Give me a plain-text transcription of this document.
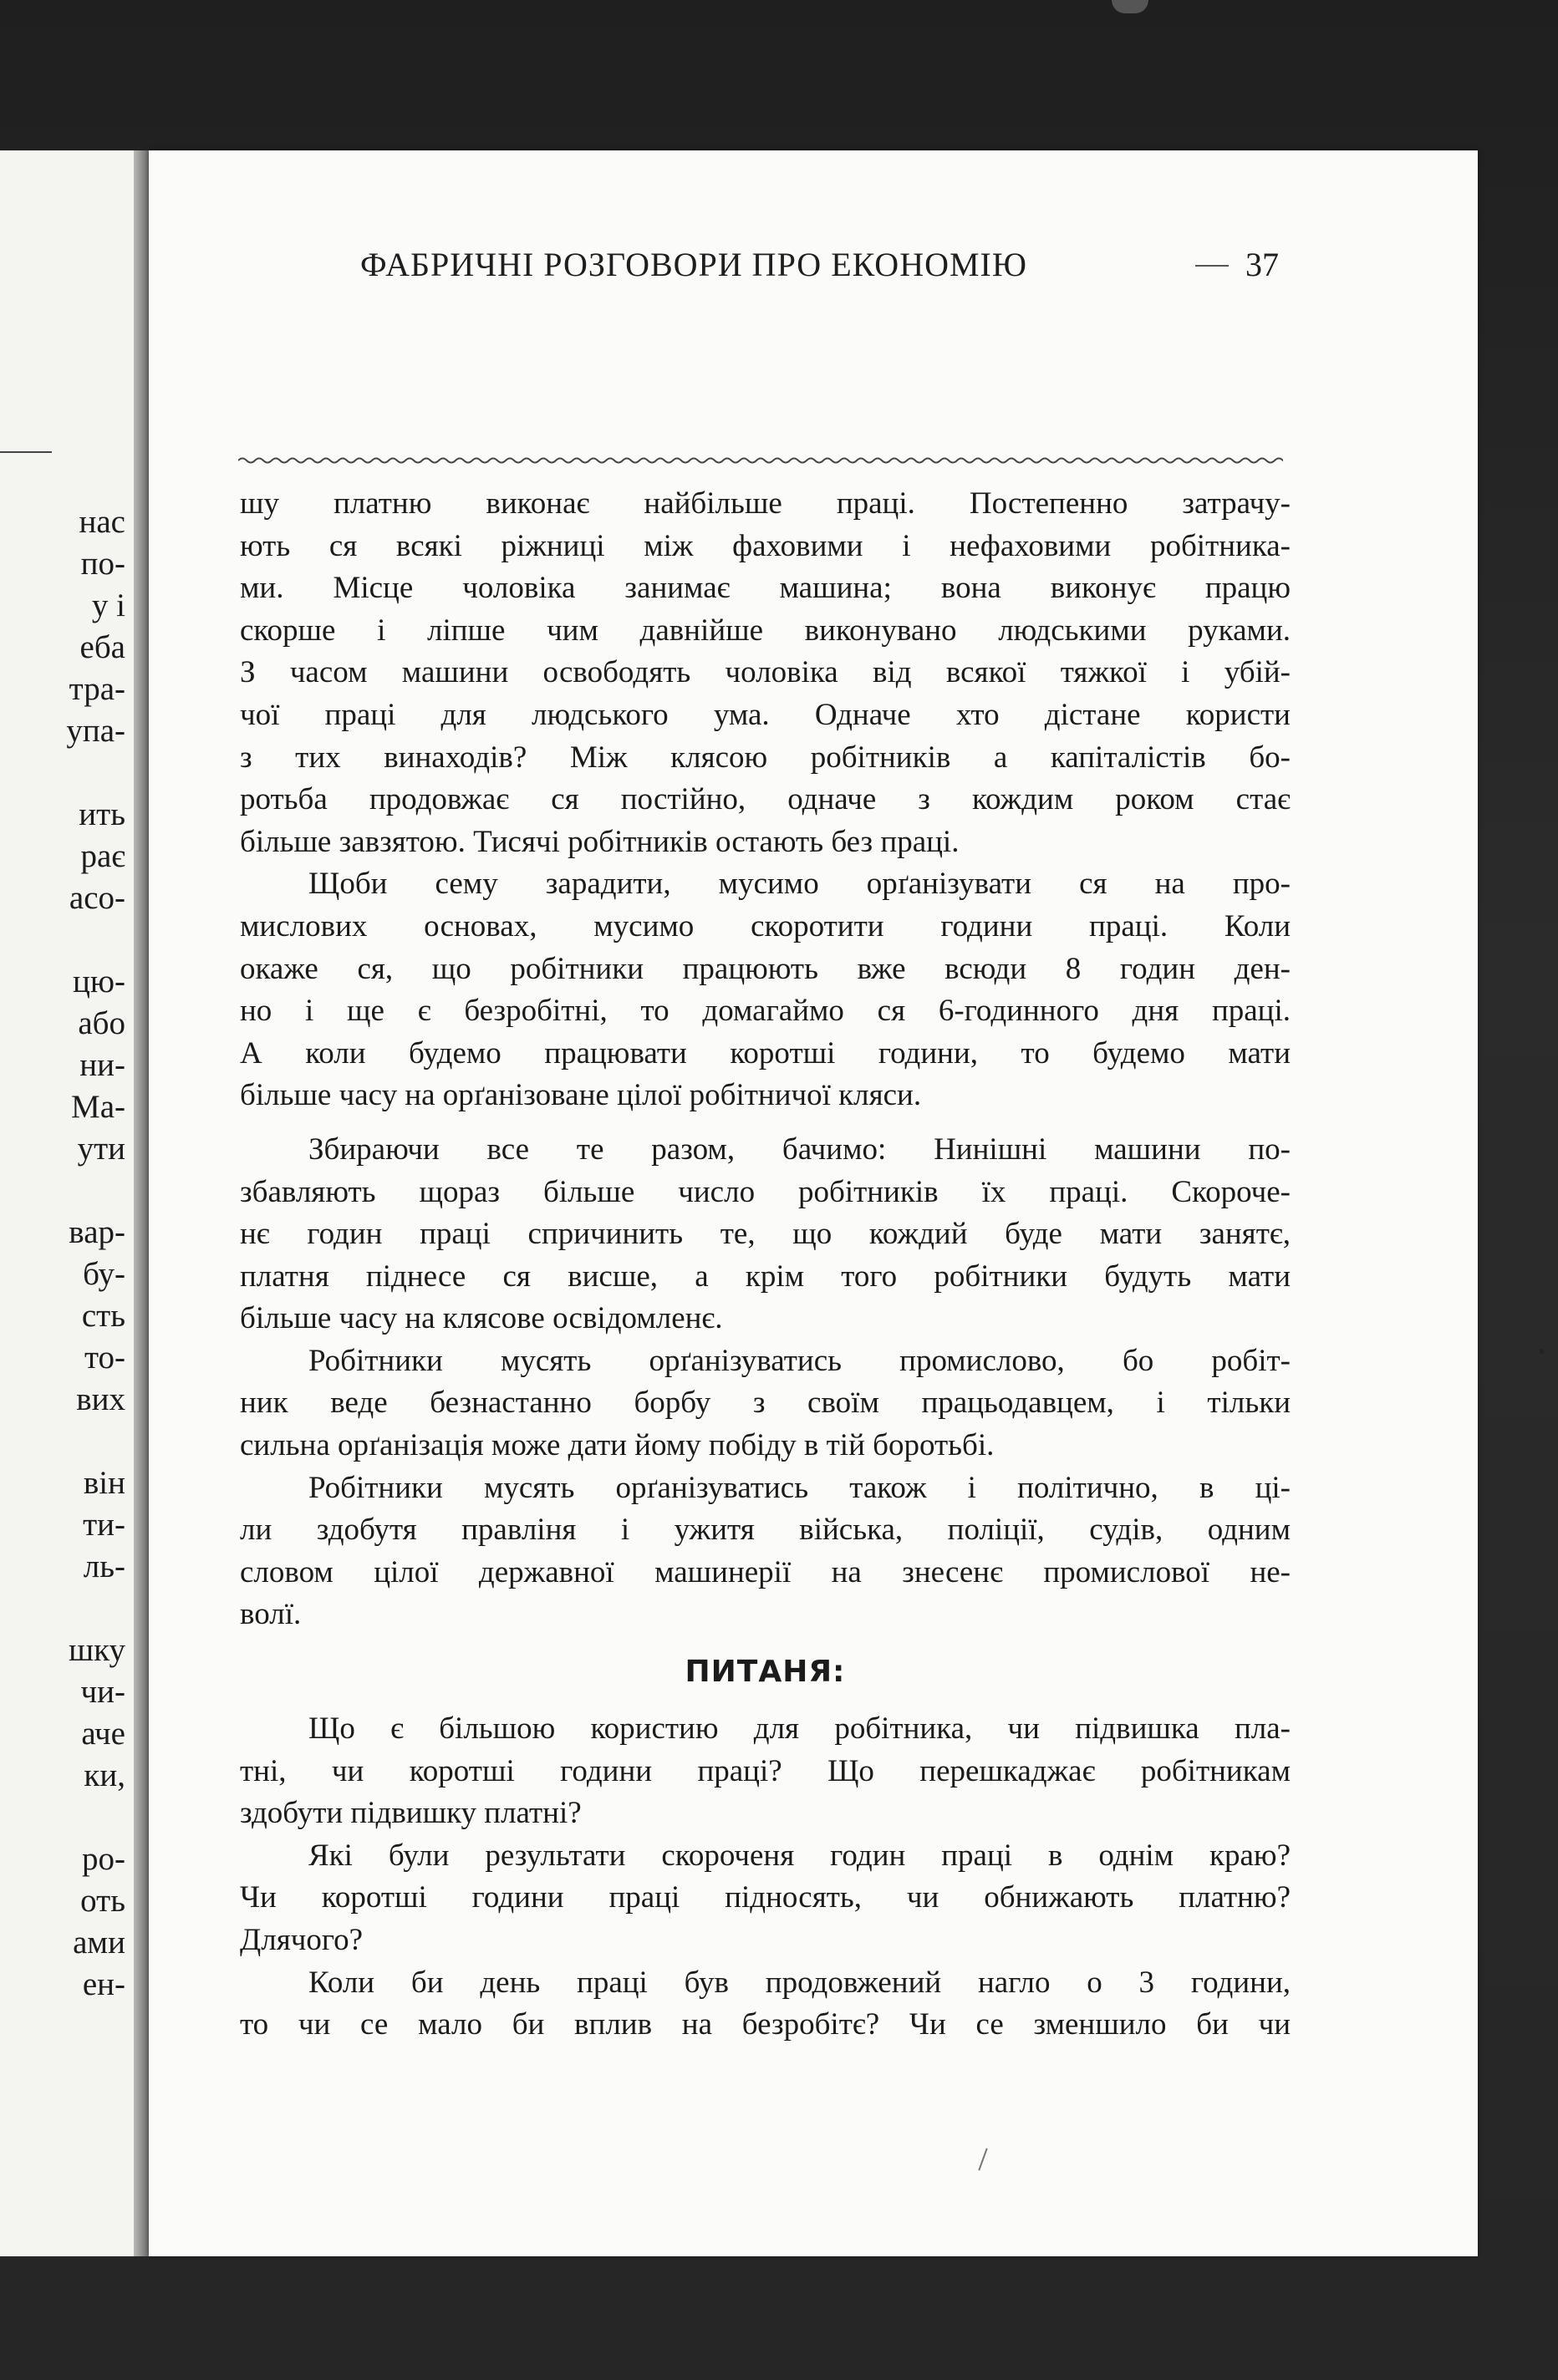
нас
по-
у і
еба
тра-
упа-
ить
рає
асо-
цю-
або
ни-
Ма-
ути
вар-
бу-
сть
то-
вих
він
ти-
ль-
шку
чи-
аче
ки,
ро-
оть
ами
ен-
ФАБРИЧНІ РОЗГОВОРИ ПРО ЕКОНОМІЮ	37
шу платню виконає найбільше праці. Постепенно затрачу-
ють ся всякі ріжниці між фаховими і нефаховими робітника-
ми. Місце чоловіка занимає машина; вона виконує працю
скорше і ліпше чим давнійше виконувано людськими руками.
З часом машини освободять чоловіка від всякої тяжкої і убій-
чої праці для людського ума. Одначе хто дістане користи
з тих винаходів? Між клясою робітників а капіталістів бо-
ротьба продовжає ся постійно, одначе з кождим роком стає
більше завзятою. Тисячі робітників остають без праці.
Щоби сему зарадити, мусимо орґанізувати ся на про-
мислових основах, мусимо скоротити години праці. Коли
окаже ся, що робітники працюють вже всюди 8 годин ден-
но і ще є безробітні, то домагаймо ся 6-годинного дня праці.
А коли будемо працювати коротші години, то будемо мати
більше часу на орґанізоване цілої робітничої кляси.
Збираючи все те разом, бачимо: Нинішні машини по-
збавляють щораз більше число робітників їх праці. Скороче-
нє годин праці спричинить те, що кождий буде мати занятє,
платня піднесе ся висше, а крім того робітники будуть мати
більше часу на клясове освідомленє.
Робітники мусять орґанізуватись промислово, бо робіт-
ник веде безнастанно борбу з своїм працьодавцем, і тільки
сильна орґанізація може дати йому побіду в тій боротьбі.
Робітники мусять орґанізуватись також і політично, в ці-
ли здобутя правліня і ужитя війська, поліції, судів, одним
словом цілої державної машинерії на знесенє промислової не-
волї.
ПИТАНЯ:
Що є більшою користию для робітника, чи підвишка пла-
тні, чи коротші години праці? Що перешкаджає робітникам
здобути підвишку платні?
Які були результати скороченя годин праці в однім краю?
Чи коротші години праці підносять, чи обнижають платню?
Длячого?
Коли би день праці був продовжений нагло о 3 години,
то чи се мало би вплив на безробітє? Чи се зменшило би чи
